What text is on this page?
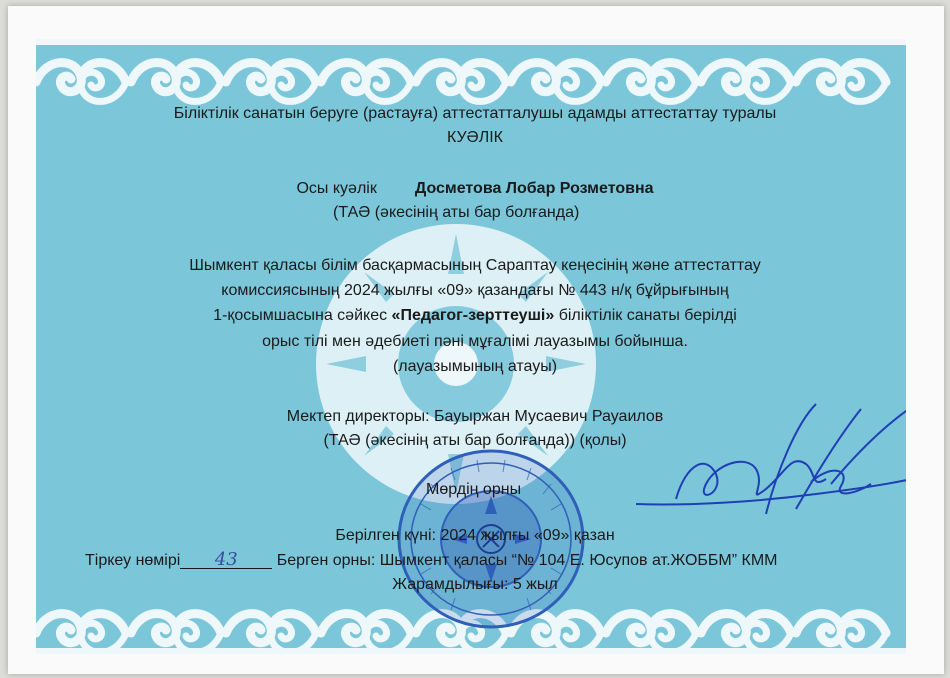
Біліктілік санатын беруге (растауға) аттестатталушы адамды аттестаттау туралы
КУӘЛІК
Осы куәлік Досметова Лобар Розметовна
(ТАӘ (әкесінің аты бар болғанда)
Шымкент қаласы білім басқармасының Сараптау кеңесінің және аттестаттау
комиссиясының 2024 жылғы «09» қазандағы № 443 н/қ бұйрығының
1-қосымшасына сәйкес «Педагог-зерттеуші» біліктілік санаты берілді
орыс тілі мен әдебиеті пәні мұғалімі лауазымы бойынша.
(лауазымының атауы)
Мектеп директоры: Бауыржан Мусаевич Рауаилов
(ТАӘ (әкесінің аты бар болғанда)) (қолы)
Мөрдің орны
Берілген күні: 2024 жылғы «09» қазан
Тіркеу нөмірі 43 Берген орны: Шымкент қаласы “№ 104 Е. Юсупов ат.ЖОББМ” КММ
Жарамдылығы: 5 жыл
